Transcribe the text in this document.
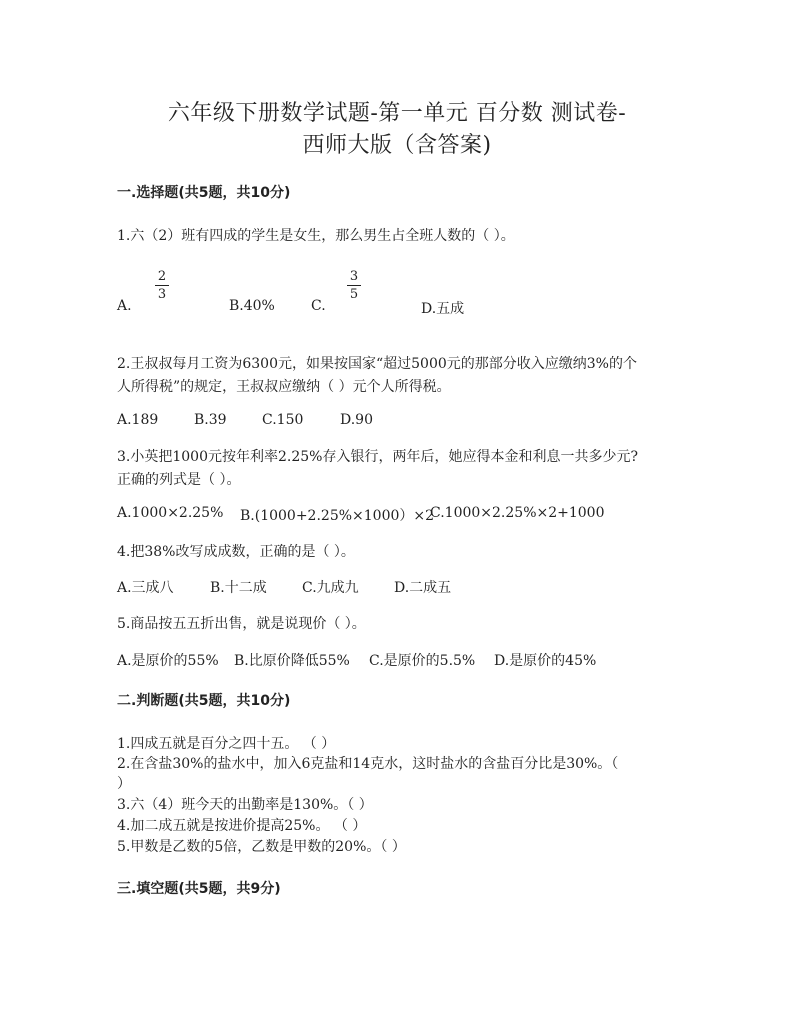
六年级下册数学试题-第一单元 百分数 测试卷-
西师大版（含答案)
一.选择题(共5题，共10分)
1.六（2）班有四成的学生是女生，那么男生占全班人数的（ ）。
A.
2
3
B.40%	C.
3
5
D.五成
2.王叔叔每月工资为6300元，如果按国家“超过5000元的那部分收入应缴纳3%的个
人所得税”的规定，王叔叔应缴纳（ ）元个人所得税。
A.189	B.39	C.150	D.90
3.小英把1000元按年利率2.25%存入银行，两年后，她应得本金和利息一共多少元?
正确的列式是（ ）。
A.1000×2.25% B.(1000+2.25%×1000）×2
C.1000×2.25%×2+1000
4.把38%改写成成数，正确的是（ ）。
A.三成八	B.十二成	C.九成九	D.二成五
5.商品按五五折出售，就是说现价（ ）。
A.是原价的55% B.比原价降低55% C.是原价的5.5% D.是原价的45%
二.判断题(共5题，共10分)
1.四成五就是百分之四十五。 （ ）
2.在含盐30%的盐水中，加入6克盐和14克水，这时盐水的含盐百分比是30%。（
）
3.六（4）班今天的出勤率是130%。（ ）
4.加二成五就是按进价提高25%。 （ ）
5.甲数是乙数的5倍，乙数是甲数的20%。（ ）
三.填空题(共5题，共9分)
